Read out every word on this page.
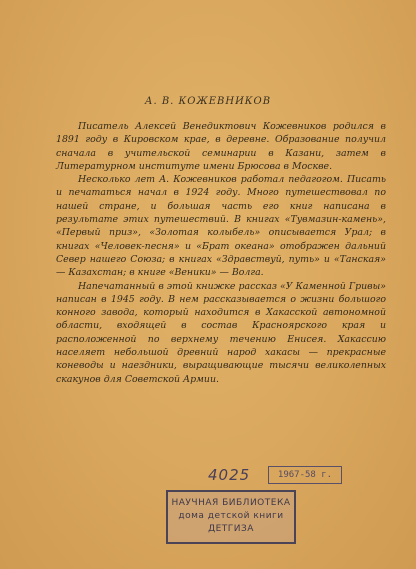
А. В. КОЖЕВНИКОВ

Писатель Алексей Венедиктович Кожевников родился в 1891 году в Кировском крае, в деревне. Образование получил сначала в учительской семинарии в Казани, затем в Литературном институте имени Брюсова в Москве.

Несколько лет А. Кожевников работал педагогом. Писать и печататься начал в 1924 году. Много путешествовал по нашей стране, и большая часть его книг написана в результате этих путешествий. В книгах «Тувмазин-камень», «Первый приз», «Золотая колыбель» описывается Урал; в книгах «Человек-песня» и «Брат океана» отображен дальний Север нашего Союза; в книгах «Здравствуй, путь» и «Танская» — Казахстан; в книге «Веники» — Волга.

Напечатанный в этой книжке рассказ «У Каменной Гривы» написан в 1945 году. В нем рассказывается о жизни большого конного завода, который находится в Хакасской автономной области, входящей в состав Красноярского края и расположенной по верхнему течению Енисея. Хакассию населяет небольшой древний народ хакасы — прекрасные коневоды и наездники, выращивающие тысячи великолепных скакунов для Советской Армии.

4025	1967-58 г.
НАУЧНАЯ БИБЛИОТЕКА
дома детской книги
ДЕТГИЗА
